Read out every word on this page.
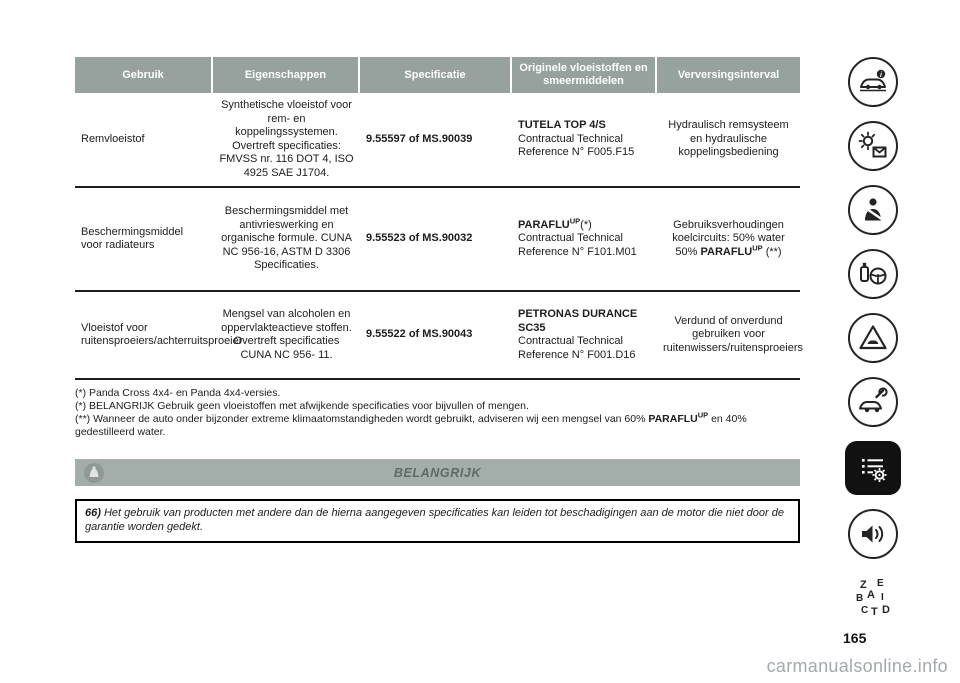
Gebruik	Eigenschappen	Specificatie
Originele vloeistoffen en smeermiddelen
Verversingsinterval
Remvloeistof
Synthetische vloeistof voor rem- en koppelingssystemen. Overtreft specificaties: FMVSS nr. 116 DOT 4, ISO 4925 SAE J1704.
9.55597 of MS.90039
TUTELA TOP 4/S
Contractual Technical Reference N° F005.F15
Hydraulisch remsysteem en hydraulische koppelingsbediening
Beschermingsmiddel voor radiateurs
Beschermingsmiddel met antivrieswerking en organische formule. CUNA NC 956-16, ASTM D 3306 Specificaties.
9.55523 of MS.90032
$PARAFLU^{UP}(*)$
Contractual Technical Reference N° F101.M01
Gebruiksverhoudingen koelcircuits: 50% water 50% $PARAFLU^{UP}$ (**)
Vloeistof voor ruitensproeiers/achterruitsproeier
Mengsel van alcoholen en oppervlakteactieve stoffen. Overtreft specificaties CUNA NC 956- 11.
9.55522 of MS.90043
PETRONAS DURANCE SC35
Contractual Technical Reference N° F001.D16
Verdund of onverdund gebruiken voor ruitenwissers/ruitensproeiers
(*) Panda Cross 4x4- en Panda 4x4-versies.
(*) BELANGRIJK Gebruik geen vloeistoffen met afwijkende specificaties voor bijvullen of mengen.
(**) Wanneer de auto onder bijzonder extreme klimaatomstandigheden wordt gebruikt, adviseren wij een mengsel van 60% $PARAFLU^{UP}$ en 40% gedestilleerd water.
BELANGRIJK
66) Het gebruik van producten met andere dan de hierna aangegeven specificaties kan leiden tot beschadigingen aan de motor die niet door de garantie worden gedekt.
i
Z E
B A I
C T D
165
carmanualsonline.info
